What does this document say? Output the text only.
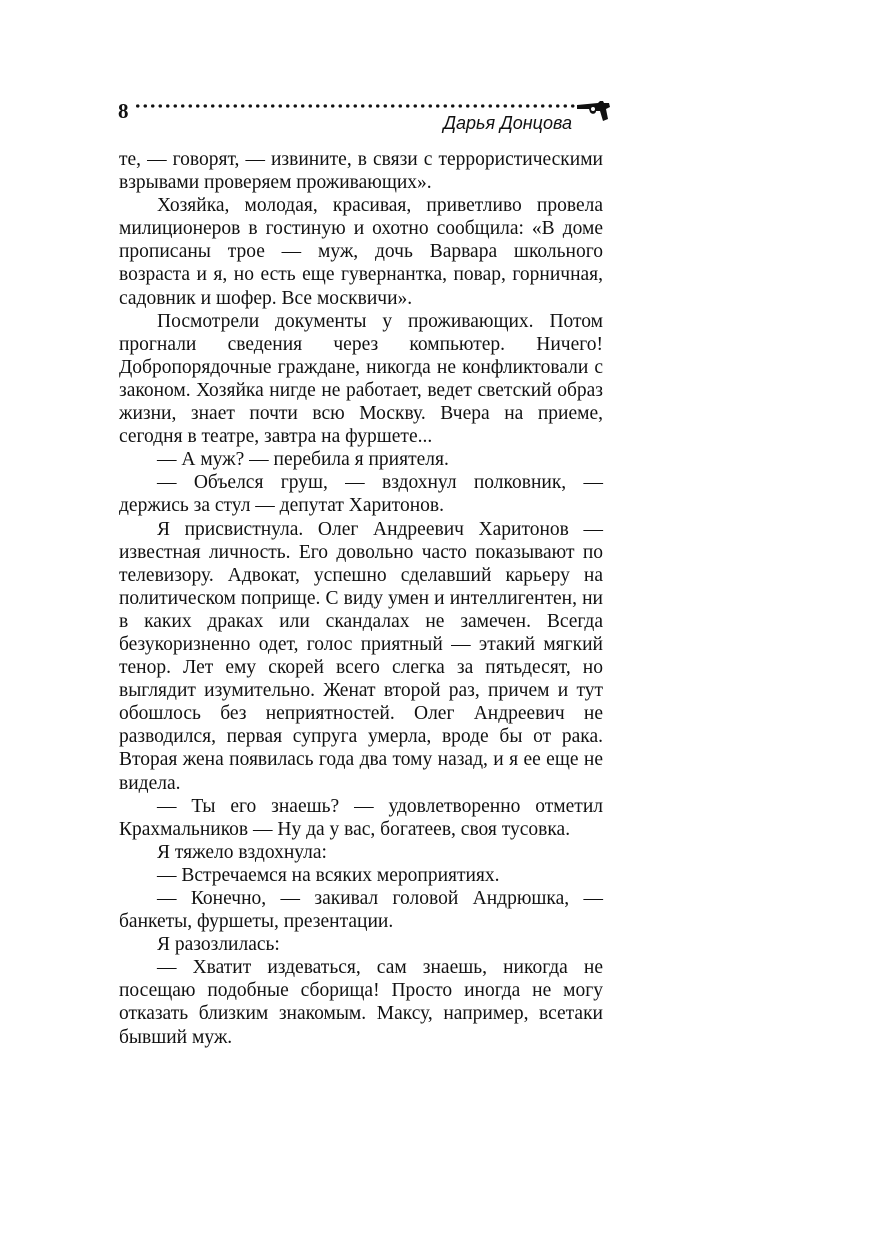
8	Дарья Донцова

те, — говорят, — извините, в связи с террористическими взрывами проверяем проживающих».

Хозяйка, молодая, красивая, приветливо провела милиционеров в гостиную и охотно сообщила: «В доме прописаны трое — муж, дочь Варвара школьного возраста и я, но есть еще гувернантка, повар, горничная, садовник и шофер. Все москвичи».

Посмотрели документы у проживающих. Потом прогнали сведения через компьютер. Ничего! Добропорядочные граждане, никогда не конфликтовали с законом. Хозяйка нигде не работает, ведет светский образ жизни, знает почти всю Москву. Вчера на приеме, сегодня в театре, завтра на фуршете...

— А муж? — перебила я приятеля.

— Объелся груш, — вздохнул полковник, — держись за стул — депутат Харитонов.

Я присвистнула. Олег Андреевич Харитонов — известная личность. Его довольно часто показывают по телевизору. Адвокат, успешно сделавший карьеру на политическом поприще. С виду умен и интеллигентен, ни в каких драках или скандалах не замечен. Всегда безукоризненно одет, голос приятный — этакий мягкий тенор. Лет ему скорей всего слегка за пятьдесят, но выглядит изумительно. Женат второй раз, причем и тут обошлось без неприятностей. Олег Андреевич не разводился, первая супруга умерла, вроде бы от рака. Вторая жена появилась года два тому назад, и я ее еще не видела.

— Ты его знаешь? — удовлетворенно отметил Крахмальников — Ну да у вас, богатеев, своя тусовка.

Я тяжело вздохнула:

— Встречаемся на всяких мероприятиях.

— Конечно, — закивал головой Андрюшка, — банкеты, фуршеты, презентации.

Я разозлилась:

— Хватит издеваться, сам знаешь, никогда не посещаю подобные сборища! Просто иногда не могу отказать близким знакомым. Максу, например, всетаки бывший муж.
